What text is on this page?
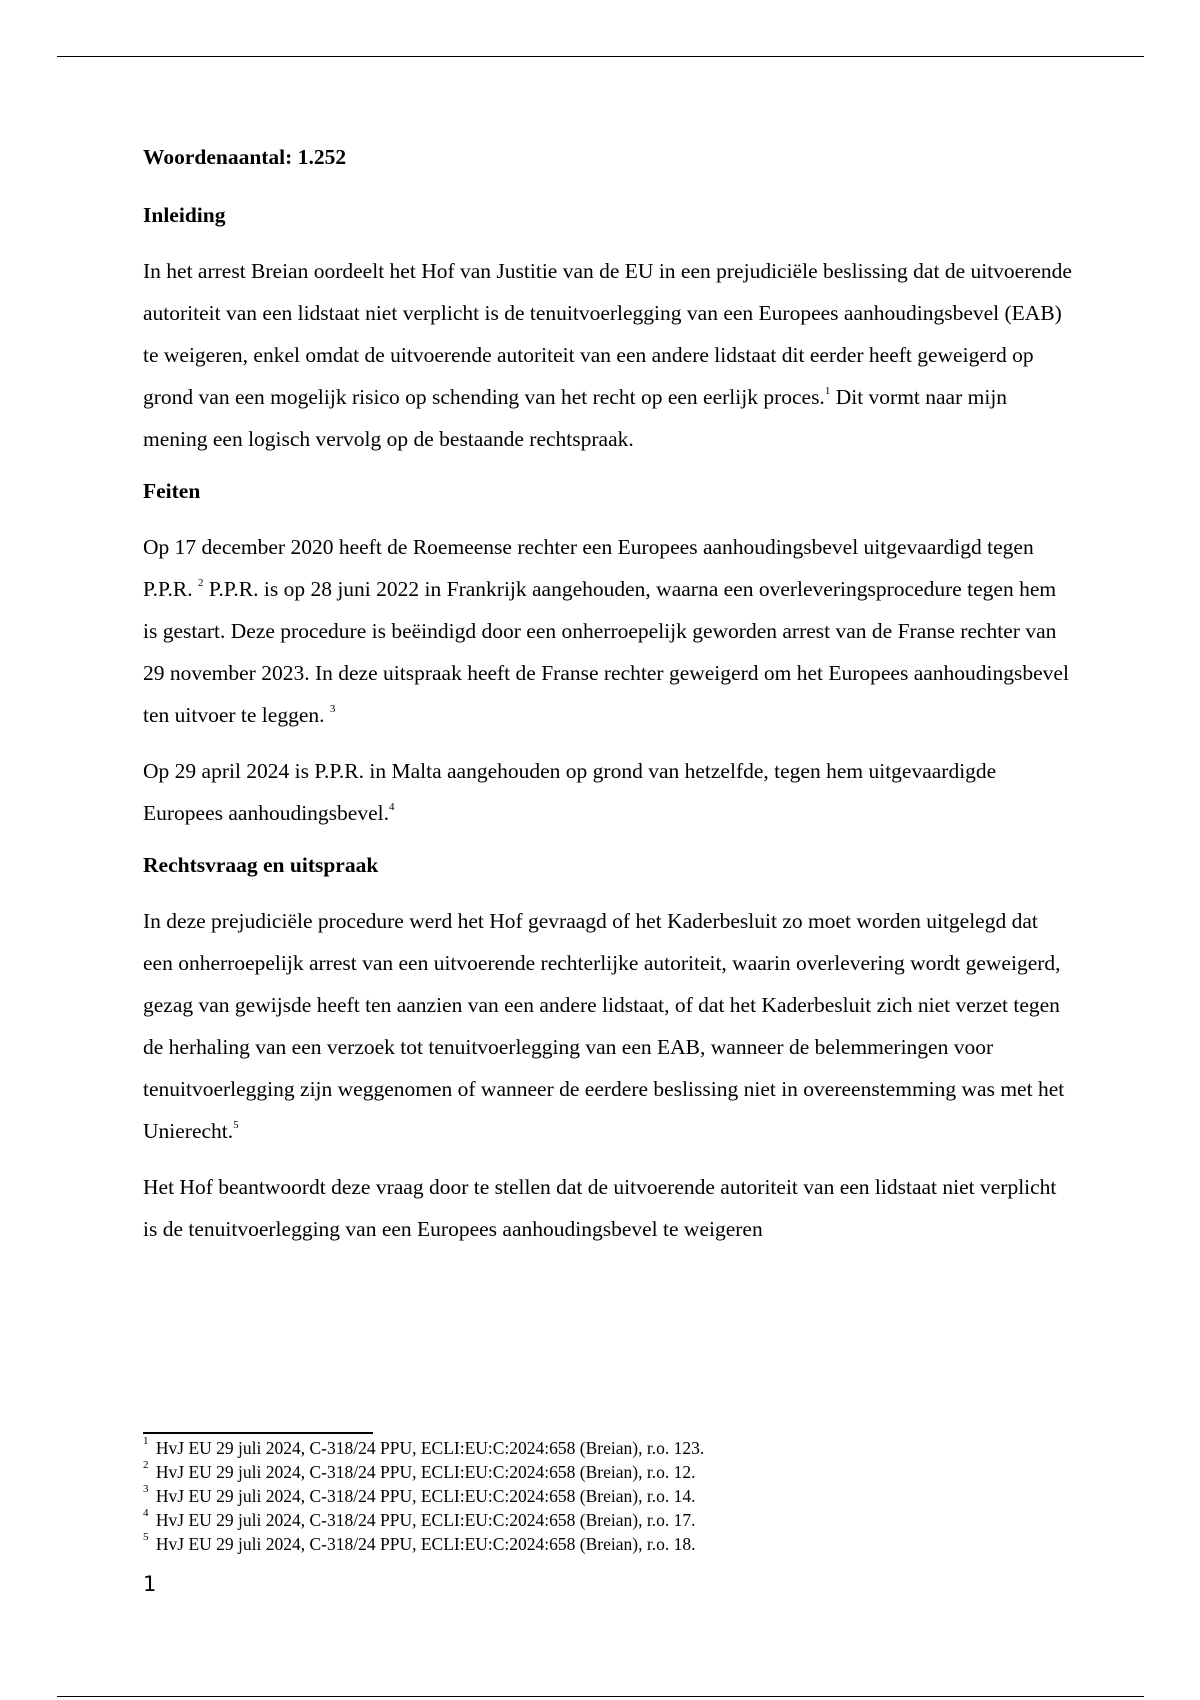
Woordenaantal: 1.252
Inleiding

In het arrest Breian oordeelt het Hof van Justitie van de EU in een prejudiciële beslissing dat de uitvoerende autoriteit van een lidstaat niet verplicht is de tenuitvoerlegging van een Europees aanhoudingsbevel (EAB) te weigeren, enkel omdat de uitvoerende autoriteit van een andere lidstaat dit eerder heeft geweigerd op grond van een mogelijk risico op schending van het recht op een eerlijk proces.$^1$ Dit vormt naar mijn mening een logisch vervolg op de bestaande rechtspraak.

Feiten

Op 17 december 2020 heeft de Roemeense rechter een Europees aanhoudingsbevel uitgevaardigd tegen P.P.R. $^2$ P.P.R. is op 28 juni 2022 in Frankrijk aangehouden, waarna een overleveringsprocedure tegen hem is gestart. Deze procedure is beëindigd door een onherroepelijk geworden arrest van de Franse rechter van 29 november 2023. In deze uitspraak heeft de Franse rechter geweigerd om het Europees aanhoudingsbevel ten uitvoer te leggen. $^3$

Op 29 april 2024 is P.P.R. in Malta aangehouden op grond van hetzelfde, tegen hem uitgevaardigde Europees aanhoudingsbevel.$^4$

Rechtsvraag en uitspraak

In deze prejudiciële procedure werd het Hof gevraagd of het Kaderbesluit zo moet worden uitgelegd dat een onherroepelijk arrest van een uitvoerende rechterlijke autoriteit, waarin overlevering wordt geweigerd, gezag van gewijsde heeft ten aanzien van een andere lidstaat, of dat het Kaderbesluit zich niet verzet tegen de herhaling van een verzoek tot tenuitvoerlegging van een EAB, wanneer de belemmeringen voor tenuitvoerlegging zijn weggenomen of wanneer de eerdere beslissing niet in overeenstemming was met het Unierecht.$^5$

Het Hof beantwoordt deze vraag door te stellen dat de uitvoerende autoriteit van een lidstaat niet verplicht is de tenuitvoerlegging van een Europees aanhoudingsbevel te weigeren

$^1$ HvJ EU 29 juli 2024, C-318/24 PPU, ECLI:EU:C:2024:658 (Breian), r.o. 123.
$^2$ HvJ EU 29 juli 2024, C-318/24 PPU, ECLI:EU:C:2024:658 (Breian), r.o. 12.
$^3$ HvJ EU 29 juli 2024, C-318/24 PPU, ECLI:EU:C:2024:658 (Breian), r.o. 14.
$^4$ HvJ EU 29 juli 2024, C-318/24 PPU, ECLI:EU:C:2024:658 (Breian), r.o. 17.
$^5$ HvJ EU 29 juli 2024, C-318/24 PPU, ECLI:EU:C:2024:658 (Breian), r.o. 18.
1
